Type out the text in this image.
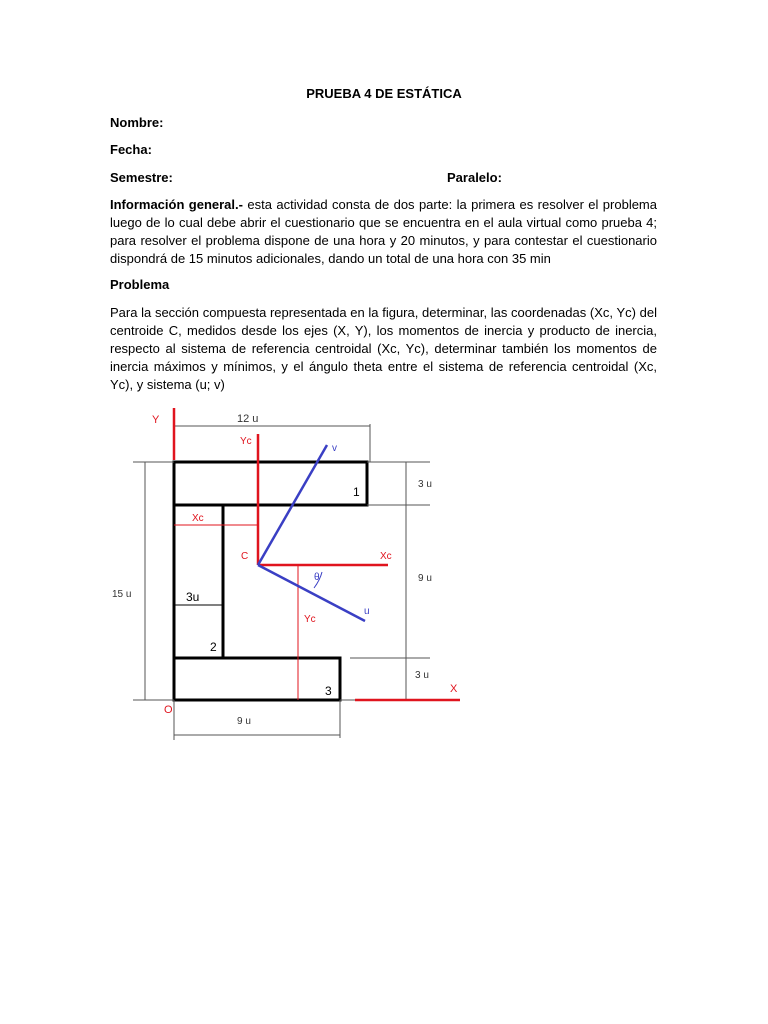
PRUEBA 4 DE ESTÁTICA
Nombre:
Fecha:
Semestre:	Paralelo:
Información general.- esta actividad consta de dos parte: la primera es resolver el problema luego de lo cual debe abrir el cuestionario que se encuentra en el aula virtual como prueba 4; para resolver el problema dispone de una hora y 20 minutos, y para contestar el cuestionario dispondrá de 15 minutos adicionales, dando un total de una hora con 35 min
Problema
Para la sección compuesta representada en la figura, determinar, las coordenadas (Xc, Yc) del centroide C, medidos desde los ejes (X, Y), los momentos de inercia y producto de inercia, respecto al sistema de referencia centroidal (Xc, Yc), determinar también los momentos de inercia máximos y mínimos, y el ángulo theta entre el sistema de referencia centroidal (Xc, Yc), y sistema (u; v)
Y
O
X
Yc
Yc
Xc
Xc
C
v
u
θ
12 u
9 u
15 u
3 u
9 u
3 u
1
2
3
3u
